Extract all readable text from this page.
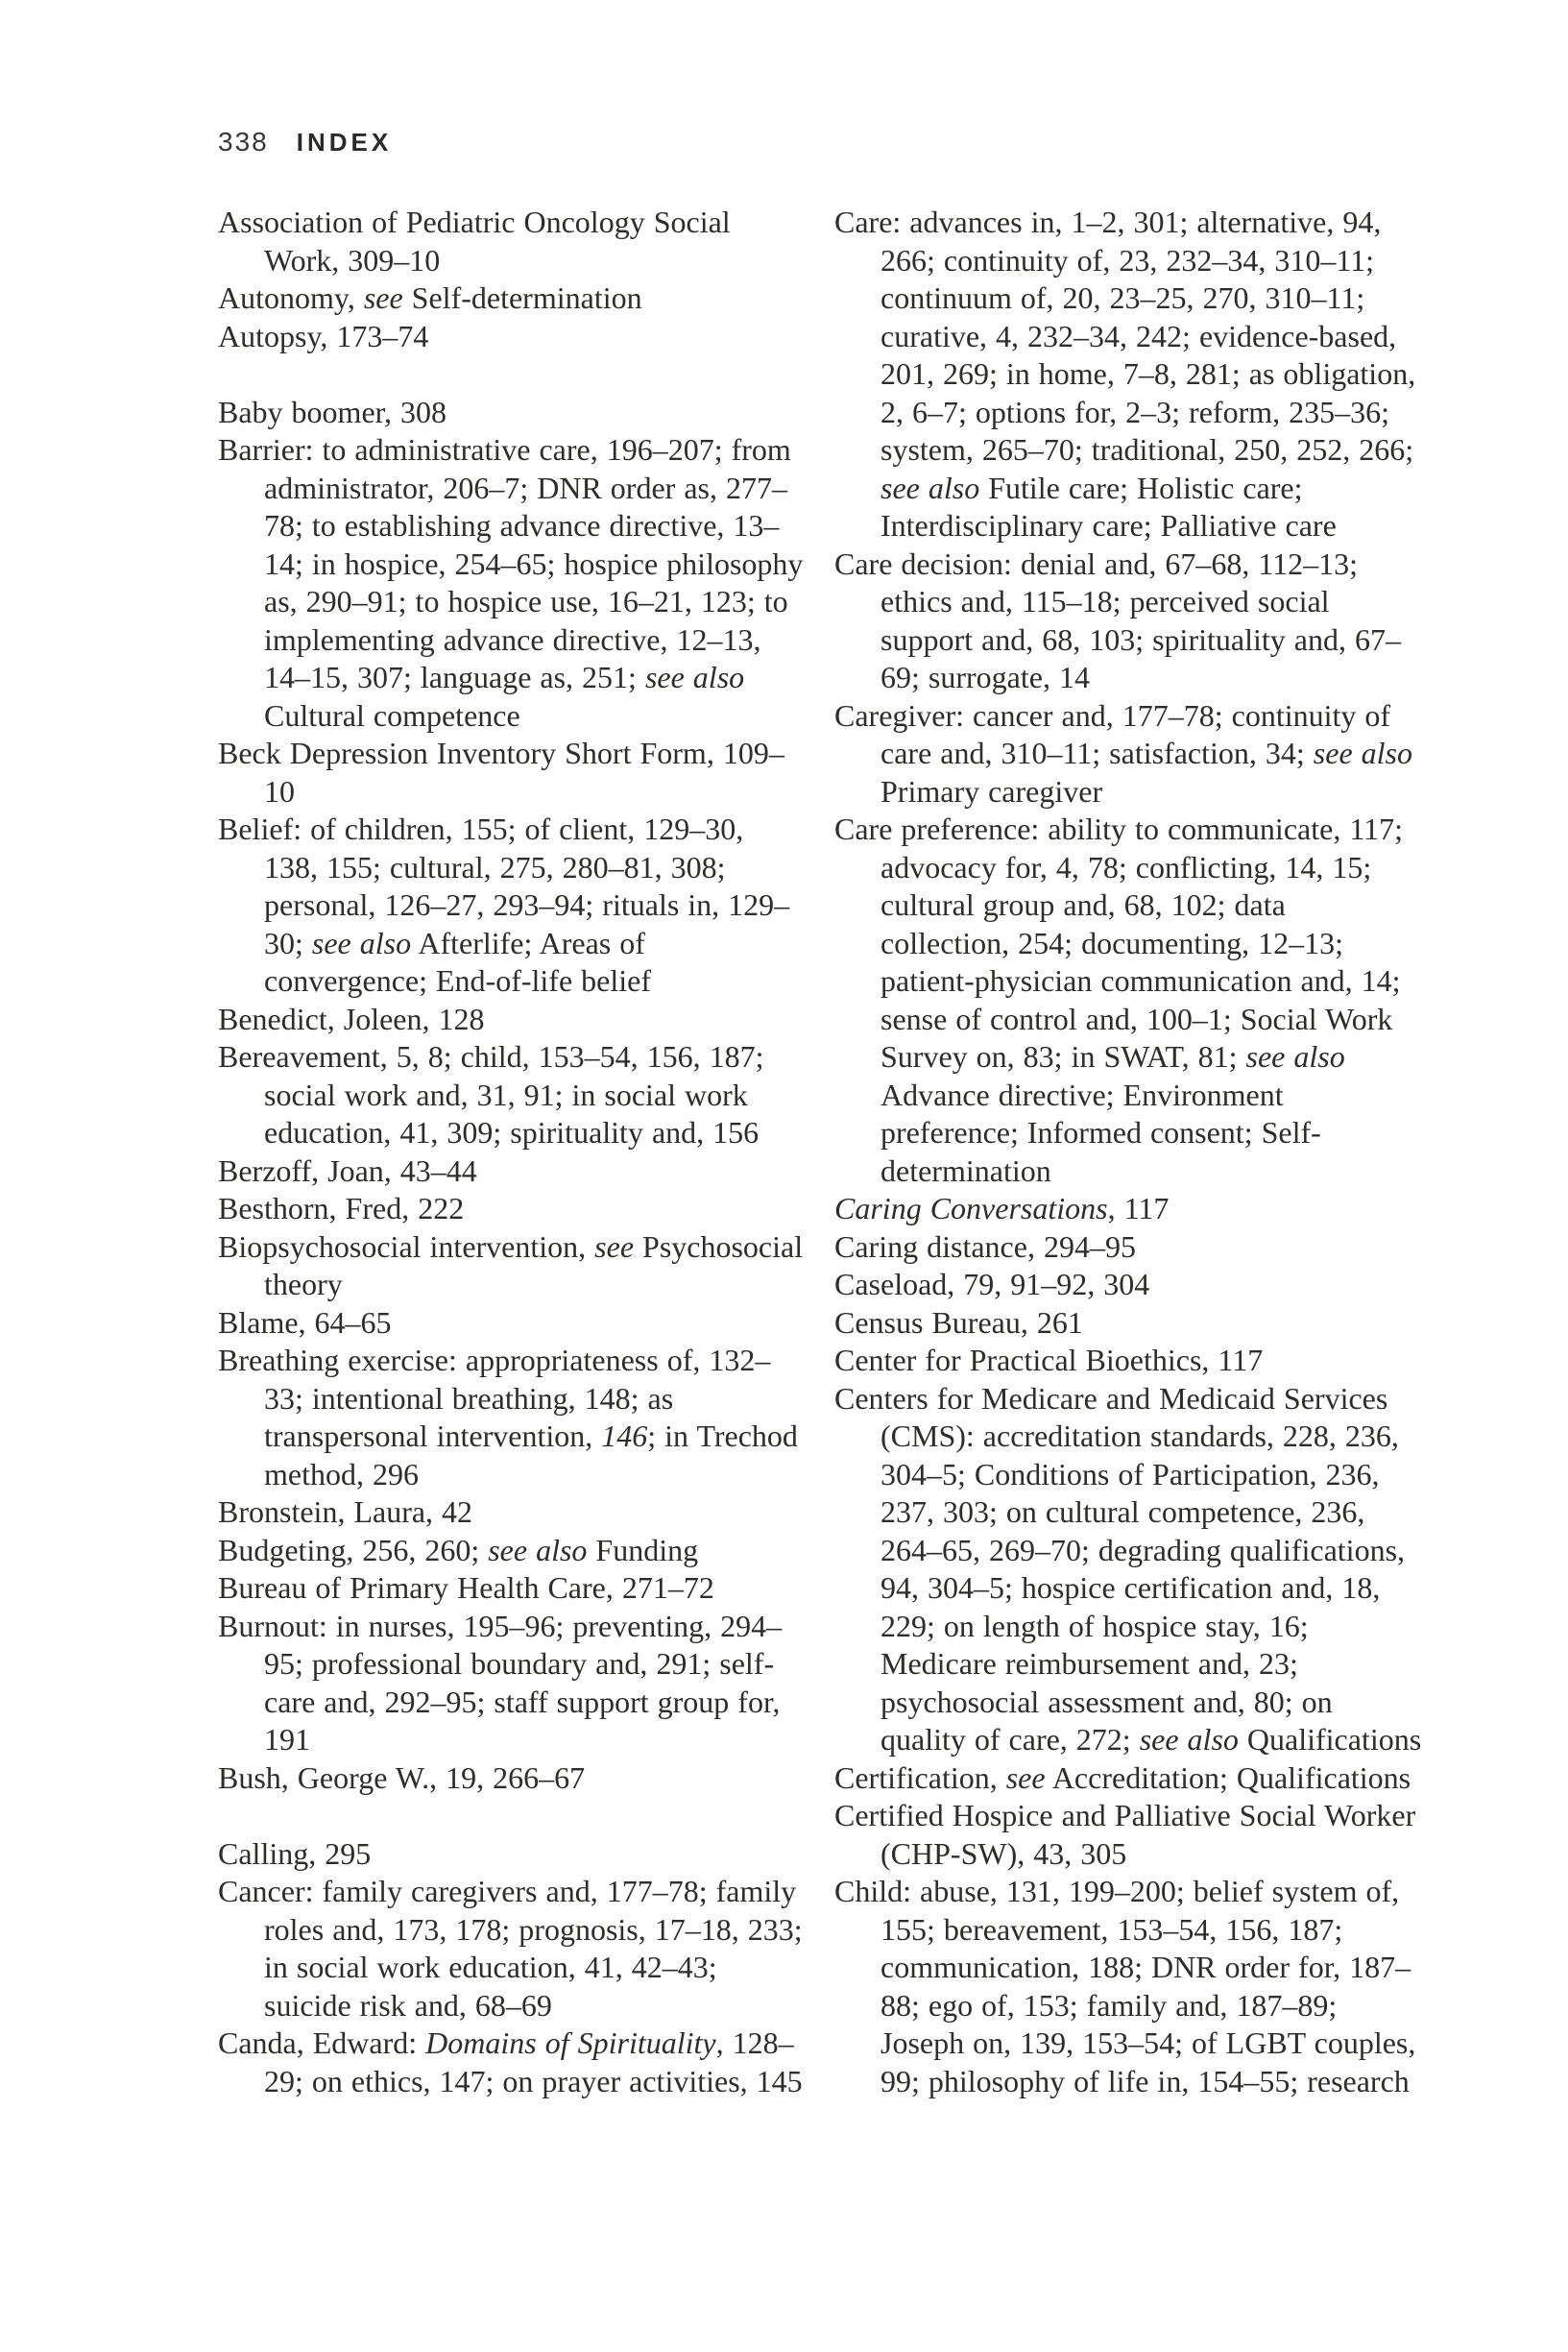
338 INDEX

Association of Pediatric Oncology Social Work, 309–10

Autonomy, see Self-determination

Autopsy, 173–74

Baby boomer, 308

Barrier: to administrative care, 196–207; from administrator, 206–7; DNR order as, 277–78; to establishing advance directive, 13–14; in hospice, 254–65; hospice philosophy as, 290–91; to hospice use, 16–21, 123; to implementing advance directive, 12–13, 14–15, 307; language as, 251; see also Cultural competence

Beck Depression Inventory Short Form, 109–10

Belief: of children, 155; of client, 129–30, 138, 155; cultural, 275, 280–81, 308; personal, 126–27, 293–94; rituals in, 129–30; see also Afterlife; Areas of convergence; End-of-life belief

Benedict, Joleen, 128

Bereavement, 5, 8; child, 153–54, 156, 187; social work and, 31, 91; in social work education, 41, 309; spirituality and, 156

Berzoff, Joan, 43–44

Besthorn, Fred, 222

Biopsychosocial intervention, see Psychosocial theory

Blame, 64–65

Breathing exercise: appropriateness of, 132–33; intentional breathing, 148; as transpersonal intervention, 146; in Trechod method, 296

Bronstein, Laura, 42

Budgeting, 256, 260; see also Funding

Bureau of Primary Health Care, 271–72

Burnout: in nurses, 195–96; preventing, 294–95; professional boundary and, 291; self-care and, 292–95; staff support group for, 191

Bush, George W., 19, 266–67

Calling, 295

Cancer: family caregivers and, 177–78; family roles and, 173, 178; prognosis, 17–18, 233; in social work education, 41, 42–43; suicide risk and, 68–69

Canda, Edward: Domains of Spirituality, 128–29; on ethics, 147; on prayer activities, 145

Care: advances in, 1–2, 301; alternative, 94, 266; continuity of, 23, 232–34, 310–11; continuum of, 20, 23–25, 270, 310–11; curative, 4, 232–34, 242; evidence-based, 201, 269; in home, 7–8, 281; as obligation, 2, 6–7; options for, 2–3; reform, 235–36; system, 265–70; traditional, 250, 252, 266; see also Futile care; Holistic care; Interdisciplinary care; Palliative care

Care decision: denial and, 67–68, 112–13; ethics and, 115–18; perceived social support and, 68, 103; spirituality and, 67–69; surrogate, 14

Caregiver: cancer and, 177–78; continuity of care and, 310–11; satisfaction, 34; see also Primary caregiver

Care preference: ability to communicate, 117; advocacy for, 4, 78; conflicting, 14, 15; cultural group and, 68, 102; data collection, 254; documenting, 12–13; patient-physician communication and, 14; sense of control and, 100–1; Social Work Survey on, 83; in SWAT, 81; see also Advance directive; Environment preference; Informed consent; Self-determination

Caring Conversations, 117

Caring distance, 294–95

Caseload, 79, 91–92, 304

Census Bureau, 261

Center for Practical Bioethics, 117

Centers for Medicare and Medicaid Services (CMS): accreditation standards, 228, 236, 304–5; Conditions of Participation, 236, 237, 303; on cultural competence, 236, 264–65, 269–70; degrading qualifications, 94, 304–5; hospice certification and, 18, 229; on length of hospice stay, 16; Medicare reimbursement and, 23; psychosocial assessment and, 80; on quality of care, 272; see also Qualifications

Certification, see Accreditation; Qualifications

Certified Hospice and Palliative Social Worker (CHP-SW), 43, 305

Child: abuse, 131, 199–200; belief system of, 155; bereavement, 153–54, 156, 187; communication, 188; DNR order for, 187–88; ego of, 153; family and, 187–89; Joseph on, 139, 153–54; of LGBT couples, 99; philosophy of life in, 154–55; research
